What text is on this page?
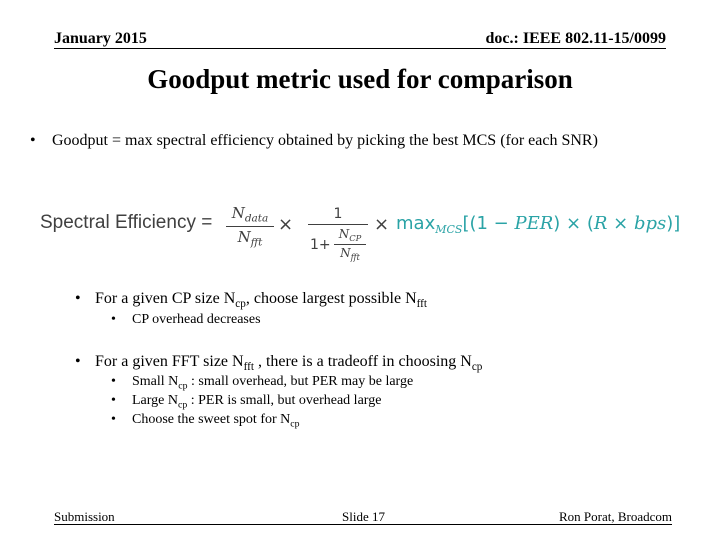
January 2015	doc.: IEEE 802.11-15/0099
Goodput metric used for comparison
• Goodput = max spectral efficiency obtained by picking the best MCS (for each SNR)
Spectral Efficiency =	$N_{data}$
$N_{fft}$
×	1
1+
$N_{CP}$
$N_{fft}$
× $\max_{MCS}[(1 - PER) \times (R \times bps)]$
• For a given CP size $N_{cp}$, choose largest possible $N_{fft}$
• CP overhead decreases
• For a given FFT size $N_{fft}$ , there is a tradeoff in choosing $N_{cp}$
• Small $N_{cp}$ : small overhead, but PER may be large
• Large $N_{cp}$ : PER is small, but overhead large
• Choose the sweet spot for $N_{cp}$
Submission	Slide 17	Ron Porat, Broadcom
